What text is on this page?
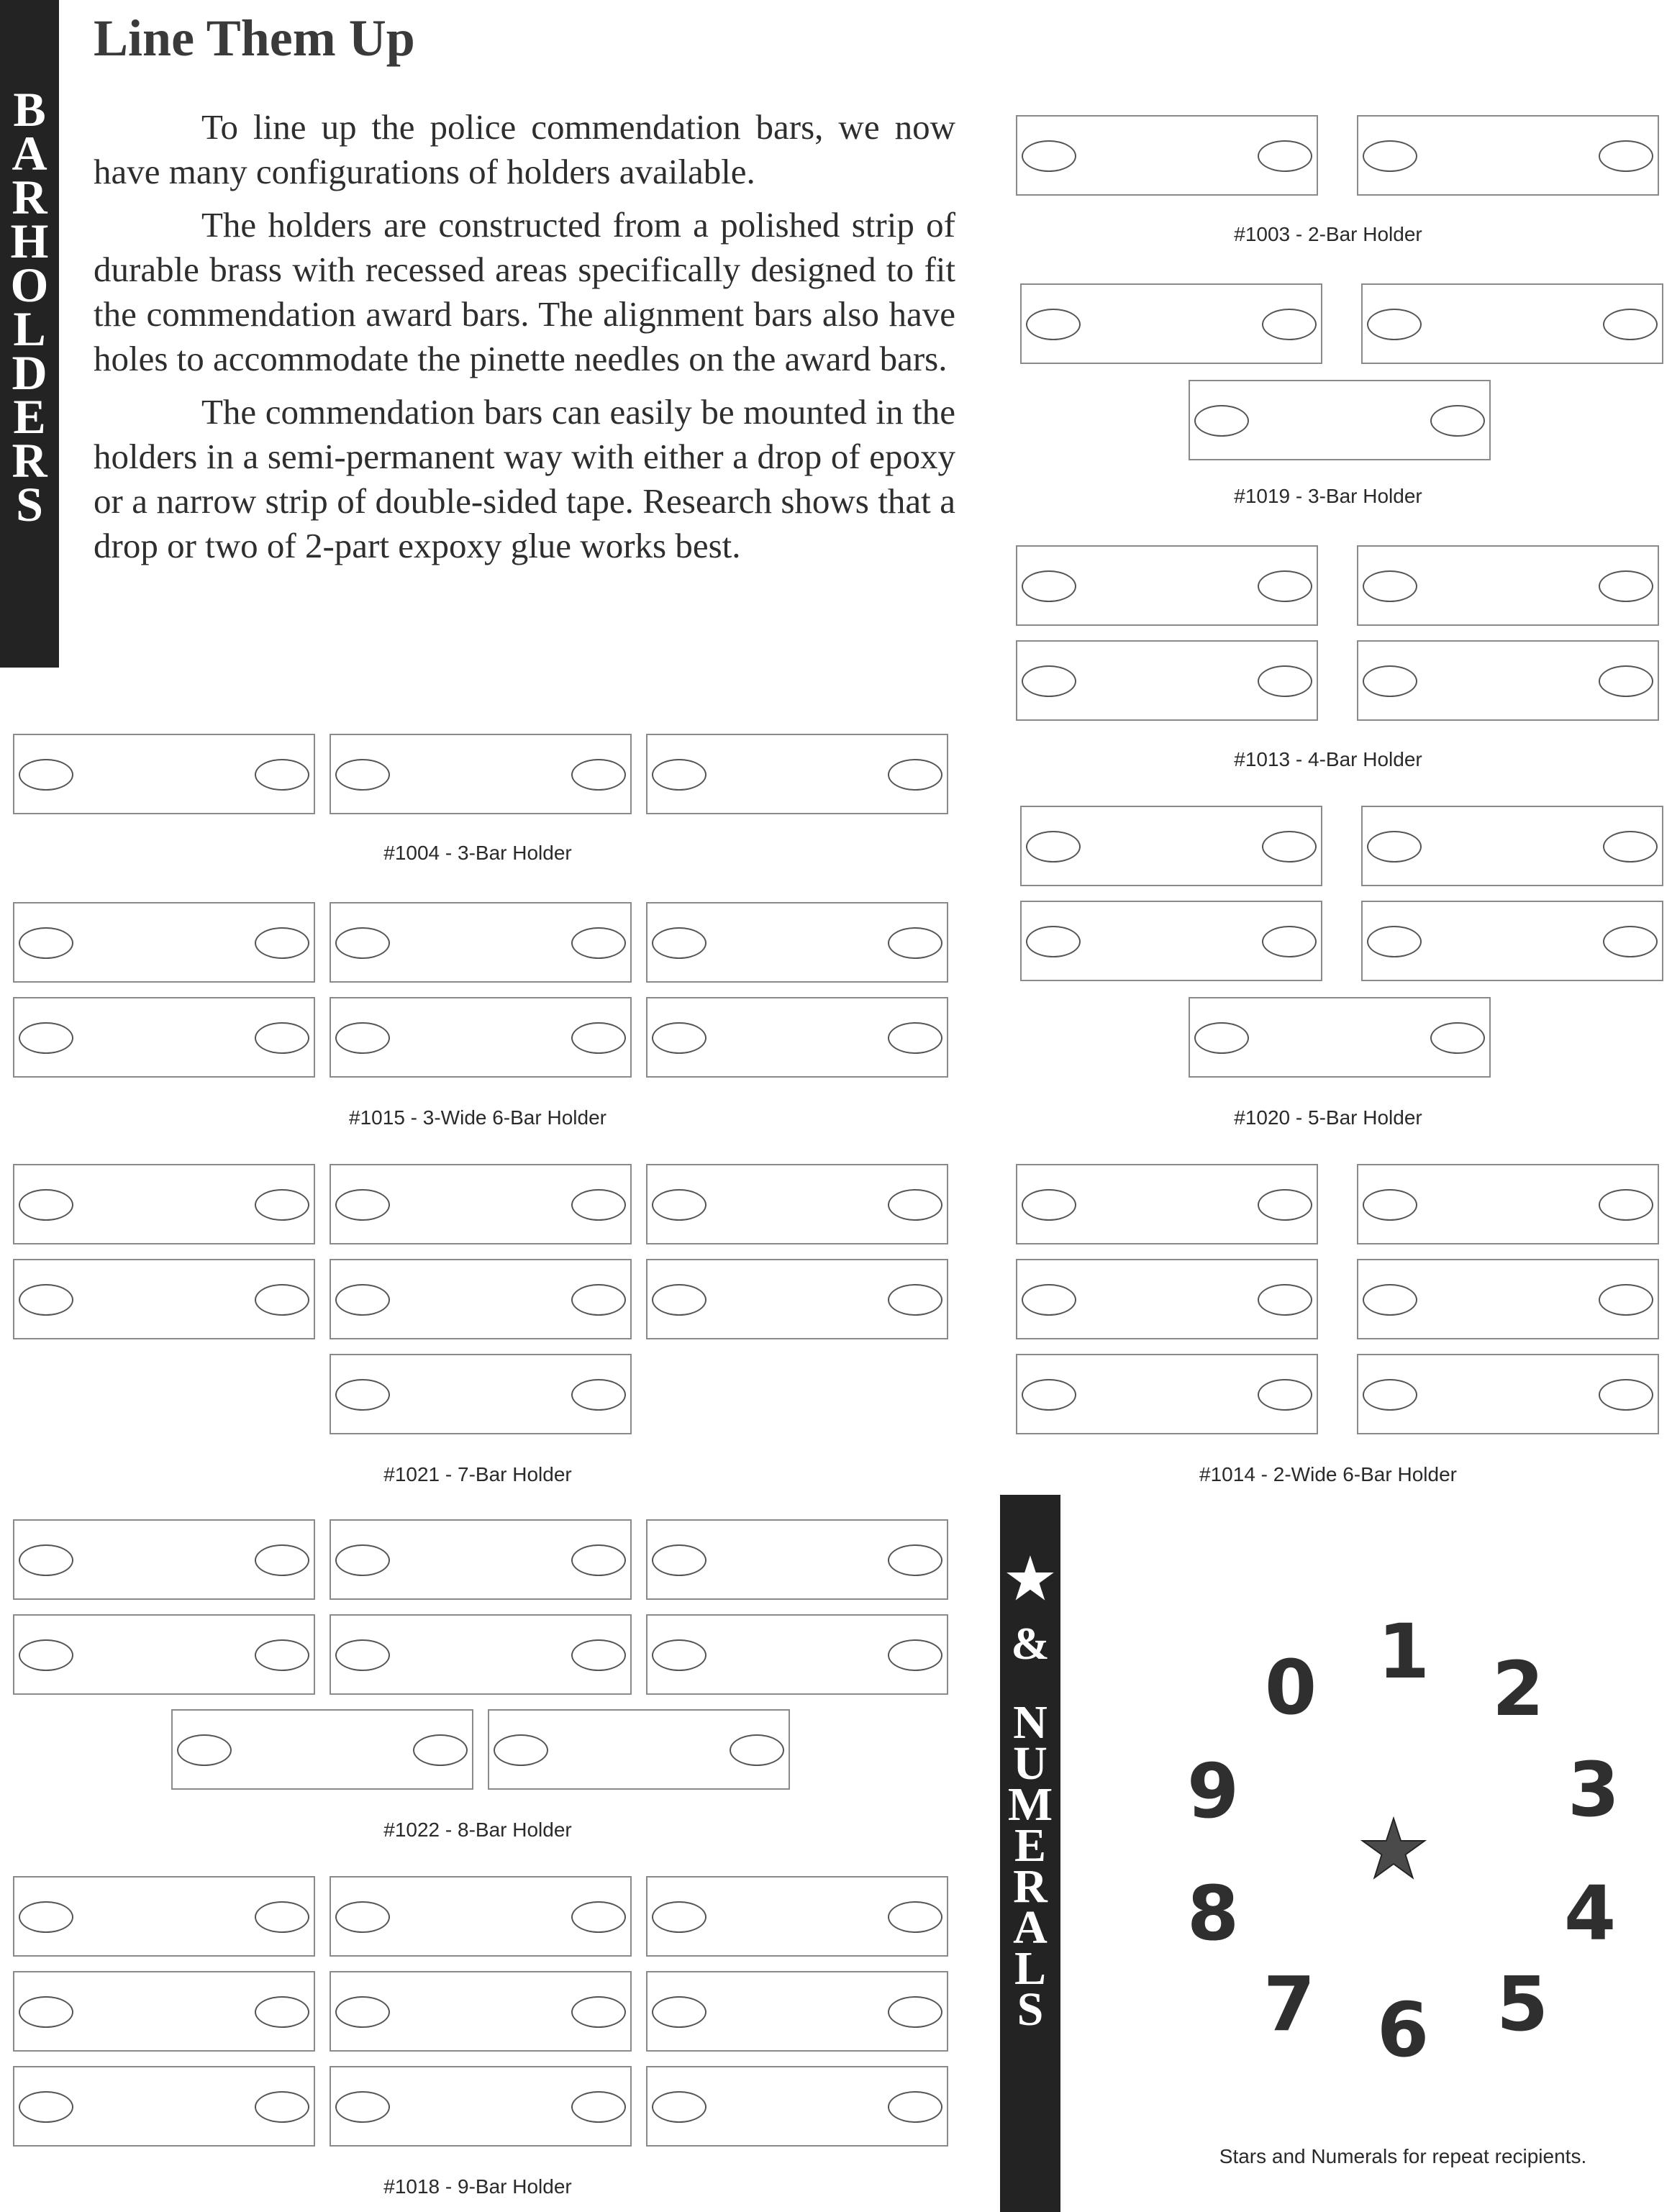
B
A
R
H
O
L
D
E
R
S
Line Them Up

To line up the police commendation bars, we now have many configurations of holders available.

The holders are constructed from a polished strip of durable brass with recessed areas specifically designed to fit the commendation award bars. The alignment bars also have holes to accommodate the pinette needles on the award bars.

The commendation bars can easily be mounted in the holders in a semi-permanent way with either a drop of epoxy or a narrow strip of double-sided tape. Research shows that a drop or two of 2-part expoxy glue works best.

#1003 - 2-Bar Holder
#1019 - 3-Bar Holder
#1013 - 4-Bar Holder
#1004 - 3-Bar Holder
#1020 - 5-Bar Holder
#1015 - 3-Wide 6-Bar Holder
#1021 - 7-Bar Holder	#1014 - 2-Wide 6-Bar Holder
#1022 - 8-Bar Holder
#1018 - 9-Bar Holder
★
&
N
U
M
E
R
A
L
S
0 1 2
3
4
5
6
7
8
9
Stars and Numerals for repeat recipients.
